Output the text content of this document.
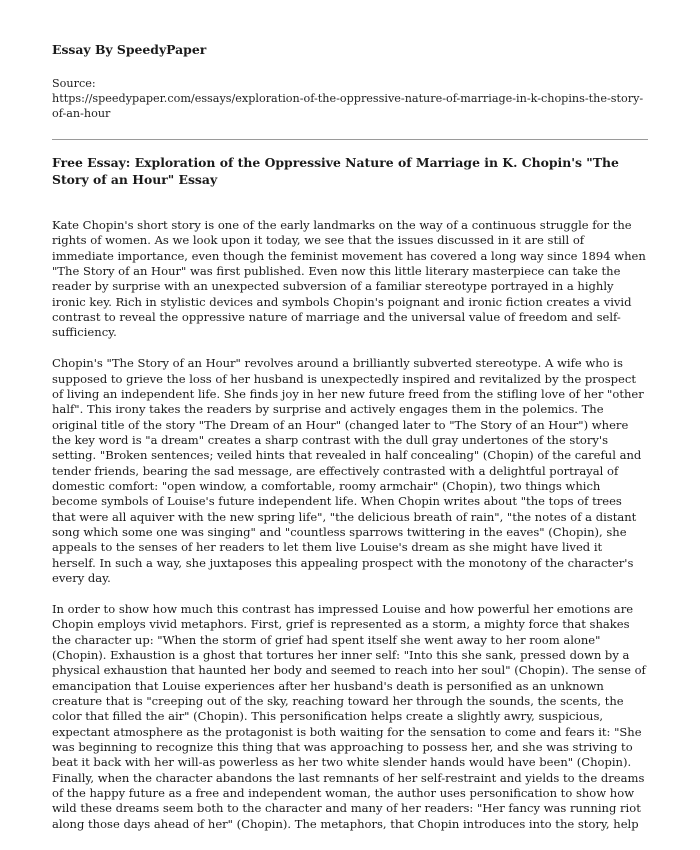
Essay By SpeedyPaper
Source:
https://speedypaper.com/essays/exploration-of-the-oppressive-nature-of-marriage-in-k-chopins-the-story-of-an-hour
Free Essay: Exploration of the Oppressive Nature of Marriage in K. Chopin's "The Story of an Hour" Essay

Kate Chopin's short story is one of the early landmarks on the way of a continuous struggle for the rights of women. As we look upon it today, we see that the issues discussed in it are still of immediate importance, even though the feminist movement has covered a long way since 1894 when "The Story of an Hour" was first published. Even now this little literary masterpiece can take the reader by surprise with an unexpected subversion of a familiar stereotype portrayed in a highly ironic key. Rich in stylistic devices and symbols Chopin's poignant and ironic fiction creates a vivid contrast to reveal the oppressive nature of marriage and the universal value of freedom and self-sufficiency.

Chopin's "The Story of an Hour" revolves around a brilliantly subverted stereotype. A wife who is supposed to grieve the loss of her husband is unexpectedly inspired and revitalized by the prospect of living an independent life. She finds joy in her new future freed from the stifling love of her "other half". This irony takes the readers by surprise and actively engages them in the polemics. The original title of the story "The Dream of an Hour" (changed later to "The Story of an Hour") where the key word is "a dream" creates a sharp contrast with the dull gray undertones of the story's setting. "Broken sentences; veiled hints that revealed in half concealing" (Chopin) of the careful and tender friends, bearing the sad message, are effectively contrasted with a delightful portrayal of domestic comfort: "open window, a comfortable, roomy armchair" (Chopin), two things which become symbols of Louise's future independent life. When Chopin writes about "the tops of trees that were all aquiver with the new spring life", "the delicious breath of rain", "the notes of a distant song which some one was singing" and "countless sparrows twittering in the eaves" (Chopin), she appeals to the senses of her readers to let them live Louise's dream as she might have lived it herself. In such a way, she juxtaposes this appealing prospect with the monotony of the character's every day.

In order to show how much this contrast has impressed Louise and how powerful her emotions are Chopin employs vivid metaphors. First, grief is represented as a storm, a mighty force that shakes the character up: "When the storm of grief had spent itself she went away to her room alone" (Chopin). Exhaustion is a ghost that tortures her inner self: "Into this she sank, pressed down by a physical exhaustion that haunted her body and seemed to reach into her soul" (Chopin). The sense of emancipation that Louise experiences after her husband's death is personified as an unknown creature that is "creeping out of the sky, reaching toward her through the sounds, the scents, the color that filled the air" (Chopin). This personification helps create a slightly awry, suspicious, expectant atmosphere as the protagonist is both waiting for the sensation to come and fears it: "She was beginning to recognize this thing that was approaching to possess her, and she was striving to beat it back with her will-as powerless as her two white slender hands would have been" (Chopin). Finally, when the character abandons the last remnants of her self-restraint and yields to the dreams of the happy future as a free and independent woman, the author uses personification to show how wild these dreams seem both to the character and many of her readers: "Her fancy was running riot along those days ahead of her" (Chopin). The metaphors, that Chopin introduces into the story, help
